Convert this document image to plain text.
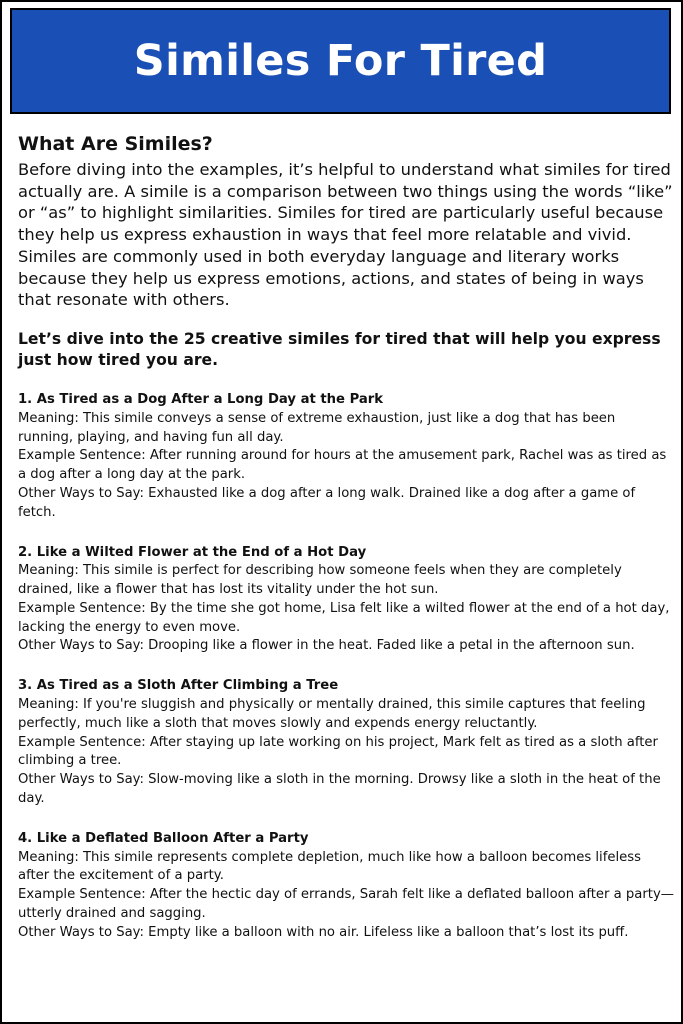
Similes For Tired
What Are Similes?

Before diving into the examples, it’s helpful to understand what similes for tired actually are. A simile is a comparison between two things using the words “like” or “as” to highlight similarities. Similes for tired are particularly useful because they help us express exhaustion in ways that feel more relatable and vivid. Similes are commonly used in both everyday language and literary works because they help us express emotions, actions, and states of being in ways that resonate with others.

Let’s dive into the 25 creative similes for tired that will help you express just how tired you are.

1. As Tired as a Dog After a Long Day at the Park
Meaning: This simile conveys a sense of extreme exhaustion, just like a dog that has been running, playing, and having fun all day.
Example Sentence: After running around for hours at the amusement park, Rachel was as tired as a dog after a long day at the park.
Other Ways to Say: Exhausted like a dog after a long walk. Drained like a dog after a game of fetch.
2. Like a Wilted Flower at the End of a Hot Day
Meaning: This simile is perfect for describing how someone feels when they are completely drained, like a flower that has lost its vitality under the hot sun.
Example Sentence: By the time she got home, Lisa felt like a wilted flower at the end of a hot day, lacking the energy to even move.
Other Ways to Say: Drooping like a flower in the heat. Faded like a petal in the afternoon sun.
3. As Tired as a Sloth After Climbing a Tree
Meaning: If you're sluggish and physically or mentally drained, this simile captures that feeling perfectly, much like a sloth that moves slowly and expends energy reluctantly.
Example Sentence: After staying up late working on his project, Mark felt as tired as a sloth after climbing a tree.
Other Ways to Say: Slow-moving like a sloth in the morning. Drowsy like a sloth in the heat of the day.
4. Like a Deflated Balloon After a Party
Meaning: This simile represents complete depletion, much like how a balloon becomes lifeless after the excitement of a party.
Example Sentence: After the hectic day of errands, Sarah felt like a deflated balloon after a party—utterly drained and sagging.
Other Ways to Say: Empty like a balloon with no air. Lifeless like a balloon that’s lost its puff.
